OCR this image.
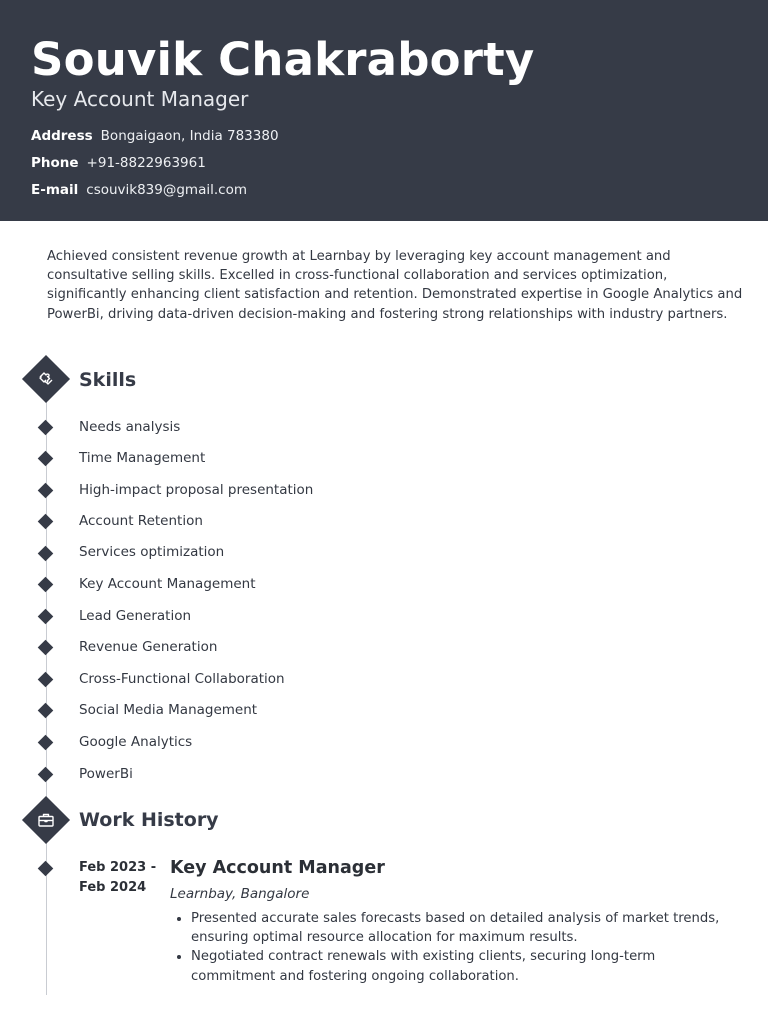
Souvik Chakraborty
Key Account Manager
Address Bongaigaon, India 783380
Phone +91-8822963961
E-mail csouvik839@gmail.com

Achieved consistent revenue growth at Learnbay by leveraging key account management and consultative selling skills. Excelled in cross-functional collaboration and services optimization, significantly enhancing client satisfaction and retention. Demonstrated expertise in Google Analytics and PowerBi, driving data-driven decision-making and fostering strong relationships with industry partners.

Skills
Needs analysis
Time Management
High-impact proposal presentation
Account Retention
Services optimization
Key Account Management
Lead Generation
Revenue Generation
Cross-Functional Collaboration
Social Media Management
Google Analytics
PowerBi
Work History
Feb 2023 -
Feb 2024
Key Account Manager
Learnbay, Bangalore
• Presented accurate sales forecasts based on detailed analysis of market trends, ensuring optimal resource allocation for maximum results.
• Negotiated contract renewals with existing clients, securing long-term commitment and fostering ongoing collaboration.
